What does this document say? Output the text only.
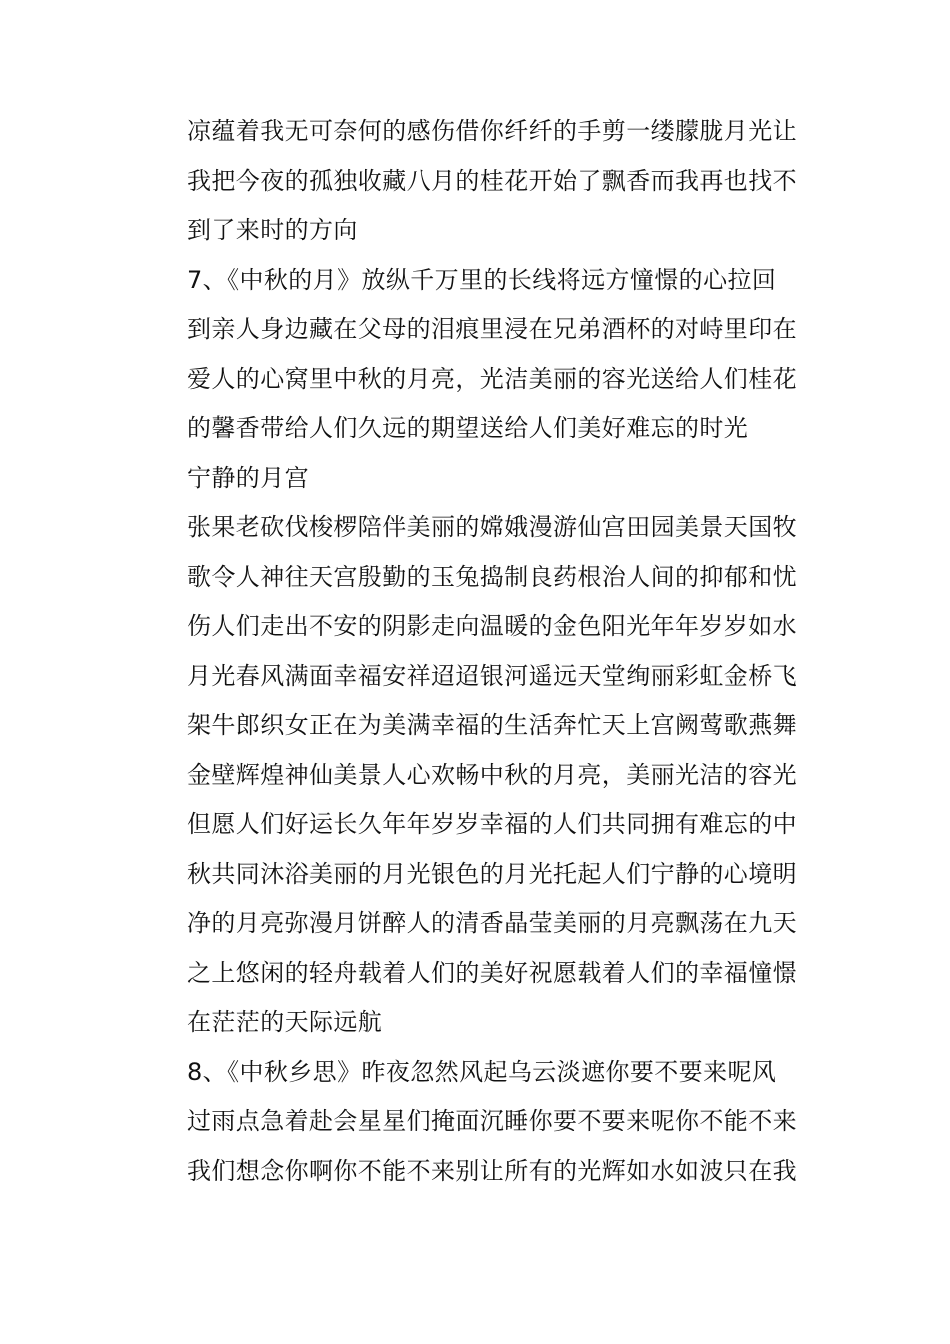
凉蕴着我无可奈何的感伤借你纤纤的手剪一缕朦胧月光让
我把今夜的孤独收藏八月的桂花开始了飘香而我再也找不
到了来时的方向
7、《中秋的月》放纵千万里的长线将远方憧憬的心拉回
到亲人身边藏在父母的泪痕里浸在兄弟酒杯的对峙里印在
爱人的心窝里中秋的月亮，光洁美丽的容光送给人们桂花
的馨香带给人们久远的期望送给人们美好难忘的时光
宁静的月宫
张果老砍伐梭椤陪伴美丽的嫦娥漫游仙宫田园美景天国牧
歌令人神往天宫殷勤的玉兔捣制良药根治人间的抑郁和忧
伤人们走出不安的阴影走向温暖的金色阳光年年岁岁如水
月光春风满面幸福安祥迢迢银河遥远天堂绚丽彩虹金桥飞
架牛郎织女正在为美满幸福的生活奔忙天上宫阙莺歌燕舞
金壁辉煌神仙美景人心欢畅中秋的月亮，美丽光洁的容光
但愿人们好运长久年年岁岁幸福的人们共同拥有难忘的中
秋共同沐浴美丽的月光银色的月光托起人们宁静的心境明
净的月亮弥漫月饼醉人的清香晶莹美丽的月亮飘荡在九天
之上悠闲的轻舟载着人们的美好祝愿载着人们的幸福憧憬
在茫茫的天际远航
8、《中秋乡思》昨夜忽然风起乌云淡遮你要不要来呢风
过雨点急着赴会星星们掩面沉睡你要不要来呢你不能不来
我们想念你啊你不能不来别让所有的光辉如水如波只在我
